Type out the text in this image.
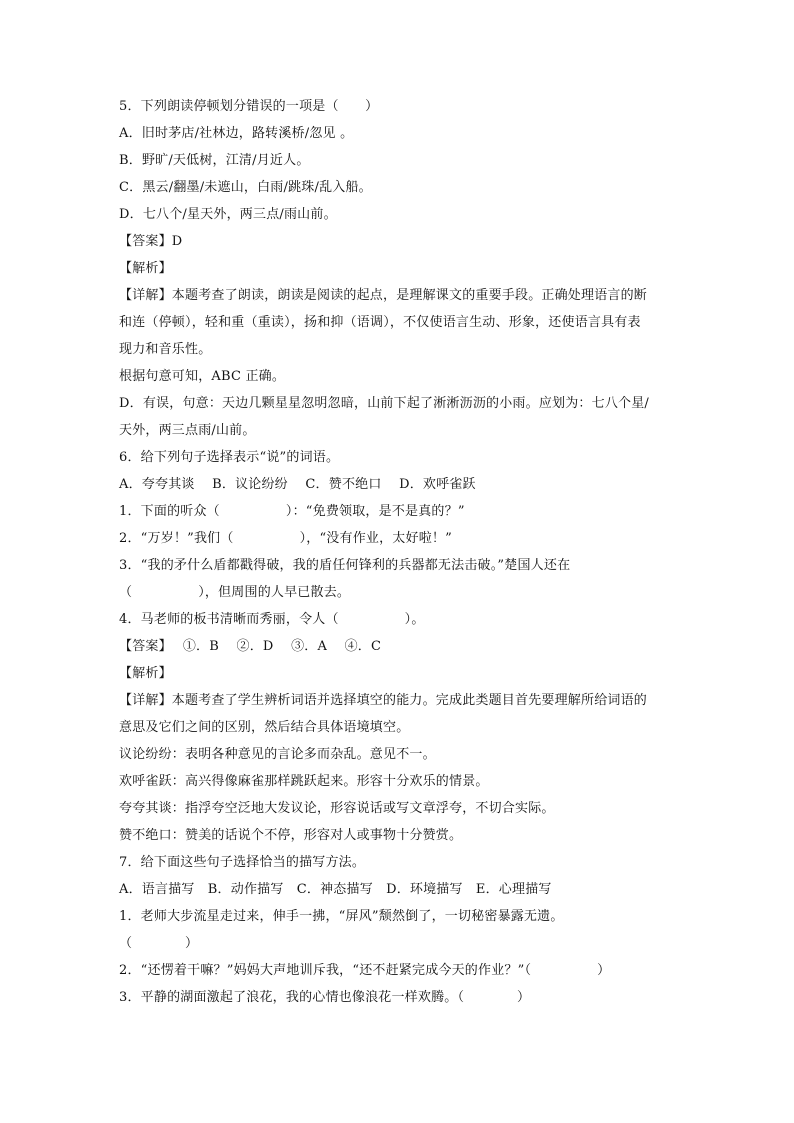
5．下列朗读停顿划分错误的一项是（　　）
A．旧时茅店/社林边，路转溪桥/忽见 。
B．野旷/天低树，江清/月近人。
C．黑云/翻墨/未遮山，白雨/跳珠/乱入船。
D．七八个/星天外，两三点/雨山前。
【答案】D
【解析】
【详解】本题考查了朗读，朗读是阅读的起点，是理解课文的重要手段。正确处理语言的断
和连（停顿），轻和重（重读），扬和抑（语调），不仅使语言生动、形象，还使语言具有表
现力和音乐性。
根据句意可知，ABC 正确。
D．有误，句意：天边几颗星星忽明忽暗，山前下起了淅淅沥沥的小雨。应划为：七八个星/
天外，两三点雨/山前。
6．给下列句子选择表示“说”的词语。
A．夸夸其谈　 B．议论纷纷　 C．赞不绝口　 D．欢呼雀跃
1．下面的听众（　　　　　）：“免费领取，是不是真的？”
2．“万岁！”我们（　　　　　），“没有作业，太好啦！”
3．“我的矛什么盾都戳得破，我的盾任何锋利的兵器都无法击破。”楚国人还在
（　　　　　），但周围的人早已散去。
4．马老师的板书清晰而秀丽，令人（　　　　　）。
【答案】　 ①．B　 ②．D　 ③．A　 ④．C
【解析】
【详解】本题考查了学生辨析词语并选择填空的能力。完成此类题目首先要理解所给词语的
意思及它们之间的区别，然后结合具体语境填空。
议论纷纷：表明各种意见的言论多而杂乱。意见不一。
欢呼雀跃：高兴得像麻雀那样跳跃起来。形容十分欢乐的情景。
夸夸其谈：指浮夸空泛地大发议论，形容说话或写文章浮夸，不切合实际。
赞不绝口：赞美的话说个不停，形容对人或事物十分赞赏。
7．给下面这些句子选择恰当的描写方法。
A．语言描写　B．动作描写　C．神态描写　D．环境描写　E．心理描写
1．老师大步流星走过来，伸手一拂，“屏风”颓然倒了，一切秘密暴露无遗。
（　　　　）
2．“还愣着干嘛？”妈妈大声地训斥我，“还不赶紧完成今天的作业？”（　　　　　）
3．平静的湖面激起了浪花，我的心情也像浪花一样欢腾。（　　　　）
